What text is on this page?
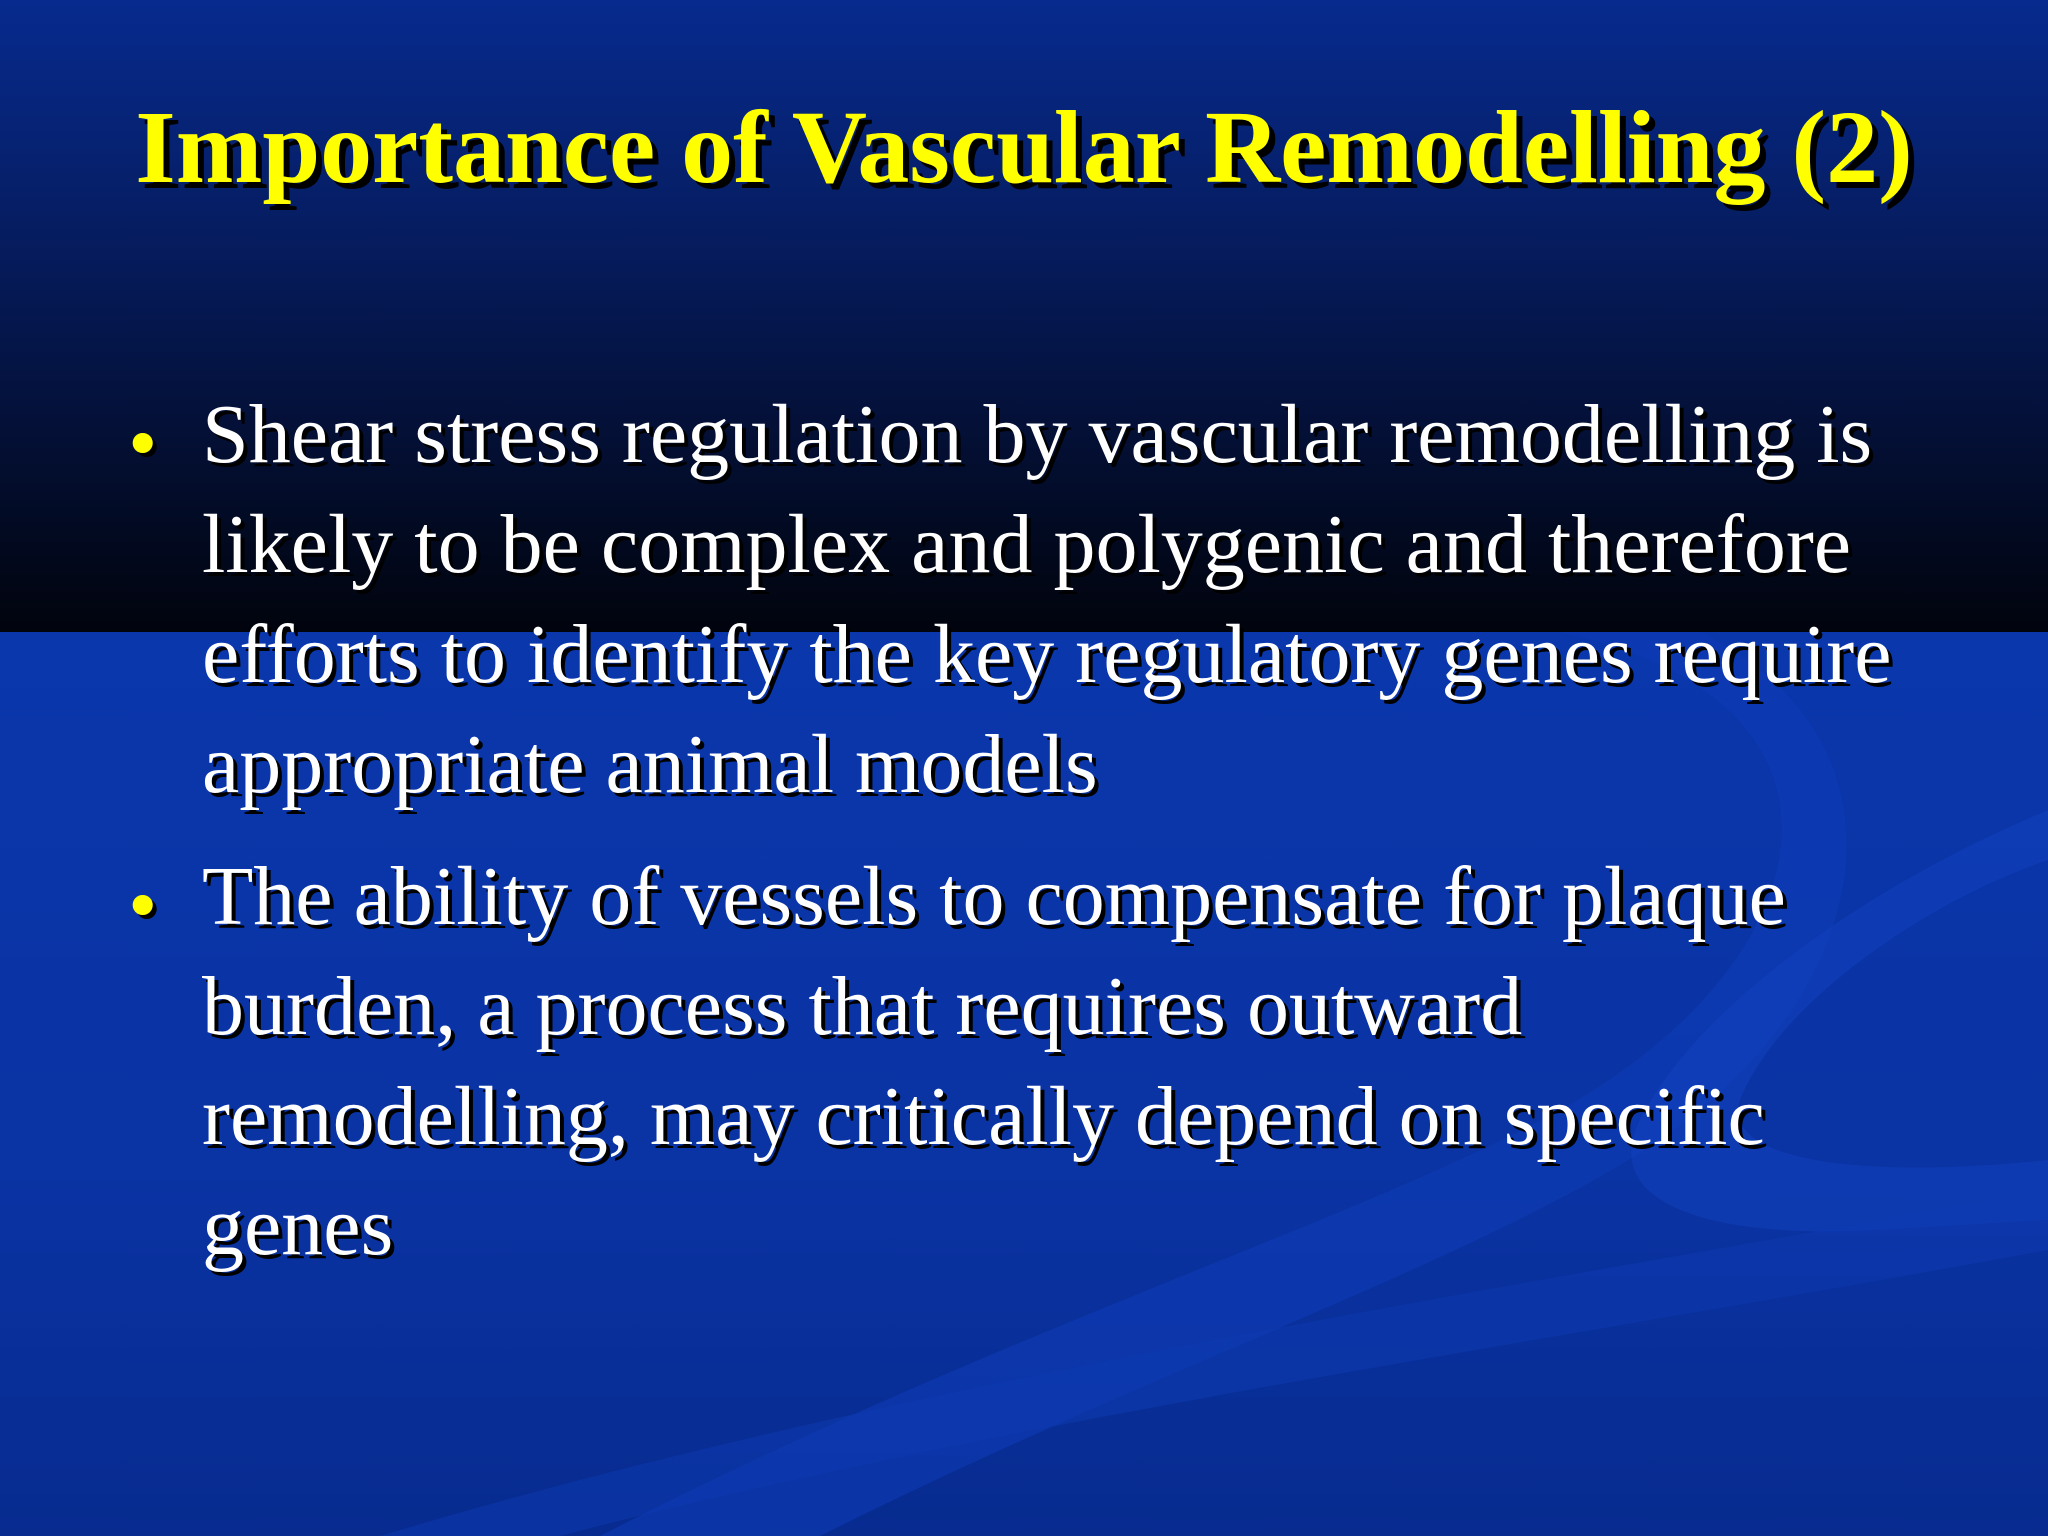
Importance of Vascular Remodelling (2)
• Shear stress regulation by vascular remodelling is likely to be complex and polygenic and therefore efforts to identify the key regulatory genes require appropriate animal models
• The ability of vessels to compensate for plaque burden, a process that requires outward remodelling, may critically depend on specific genes
